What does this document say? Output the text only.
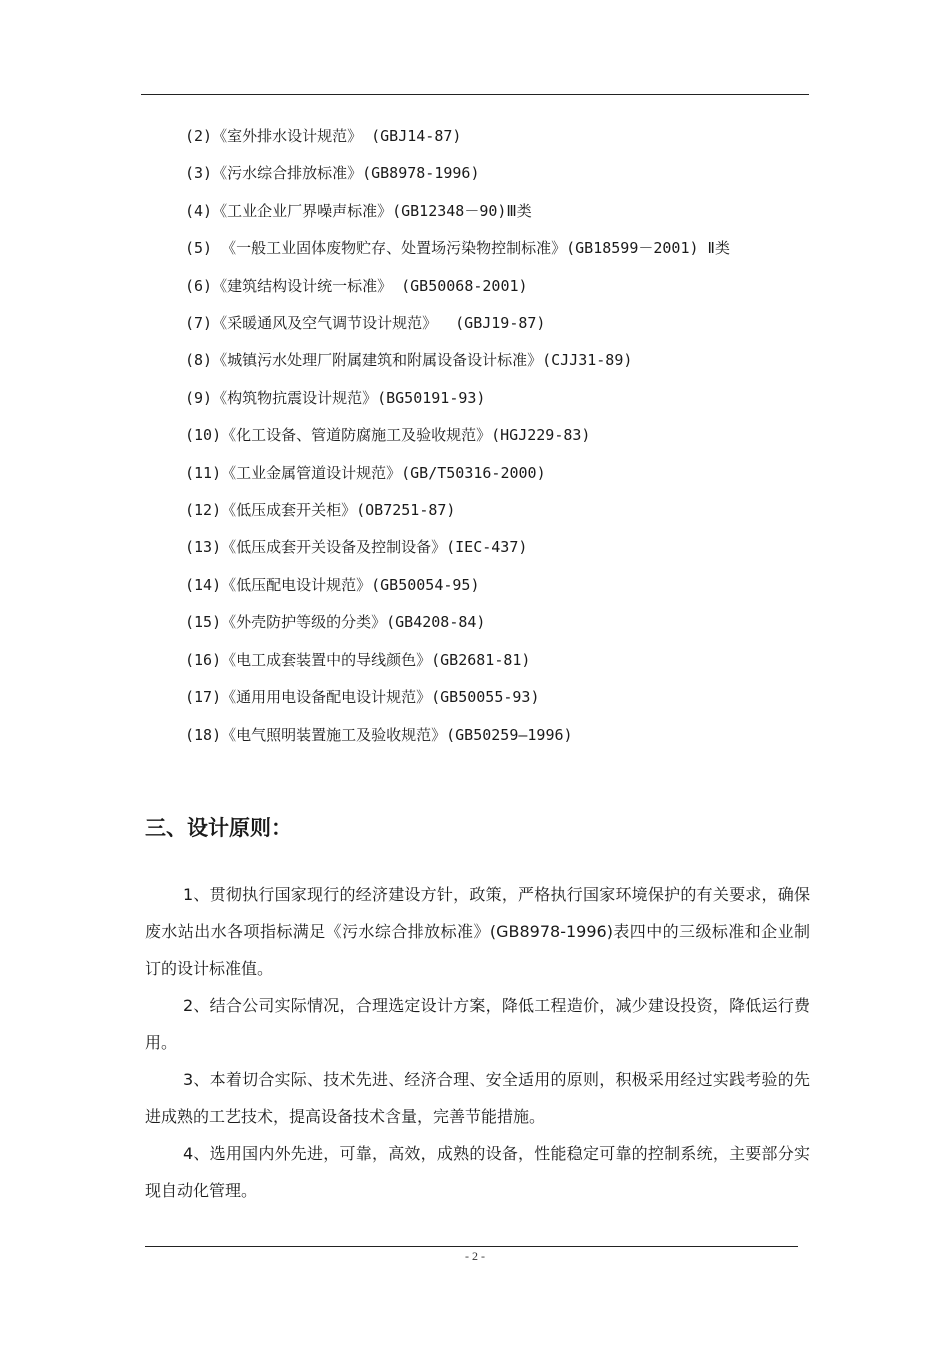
(2)《室外排水设计规范》 (GBJ14-87)

(3)《污水综合排放标准》(GB8978-1996)

(4)《工业企业厂界噪声标准》(GB12348－90)Ⅲ类

(5) 《一般工业固体废物贮存、处置场污染物控制标准》(GB18599－2001) Ⅱ类

(6)《建筑结构设计统一标准》 (GB50068-2001)

(7)《采暖通风及空气调节设计规范》  (GBJ19-87)

(8)《城镇污水处理厂附属建筑和附属设备设计标准》(CJJ31-89)

(9)《构筑物抗震设计规范》(BG50191-93)

(10)《化工设备、管道防腐施工及验收规范》(HGJ229-83)

(11)《工业金属管道设计规范》(GB/T50316-2000)

(12)《低压成套开关柜》(OB7251-87)

(13)《低压成套开关设备及控制设备》(IEC-437)

(14)《低压配电设计规范》(GB50054-95)

(15)《外壳防护等级的分类》(GB4208-84)

(16)《电工成套装置中的导线颜色》(GB2681-81)

(17)《通用用电设备配电设计规范》(GB50055-93)

(18)《电气照明装置施工及验收规范》(GB50259—1996)

三、设计原则：

1、贯彻执行国家现行的经济建设方针，政策，严格执行国家环境保护的有关要求，确保废水站出水各项指标满足《污水综合排放标准》(GB8978-1996)表四中的三级标准和企业制订的设计标准值。

2、结合公司实际情况，合理选定设计方案，降低工程造价，减少建设投资，降低运行费用。

3、本着切合实际、技术先进、经济合理、安全适用的原则，积极采用经过实践考验的先进成熟的工艺技术，提高设备技术含量，完善节能措施。

4、选用国内外先进，可靠，高效，成熟的设备，性能稳定可靠的控制系统，主要部分实现自动化管理。

- 2 -
